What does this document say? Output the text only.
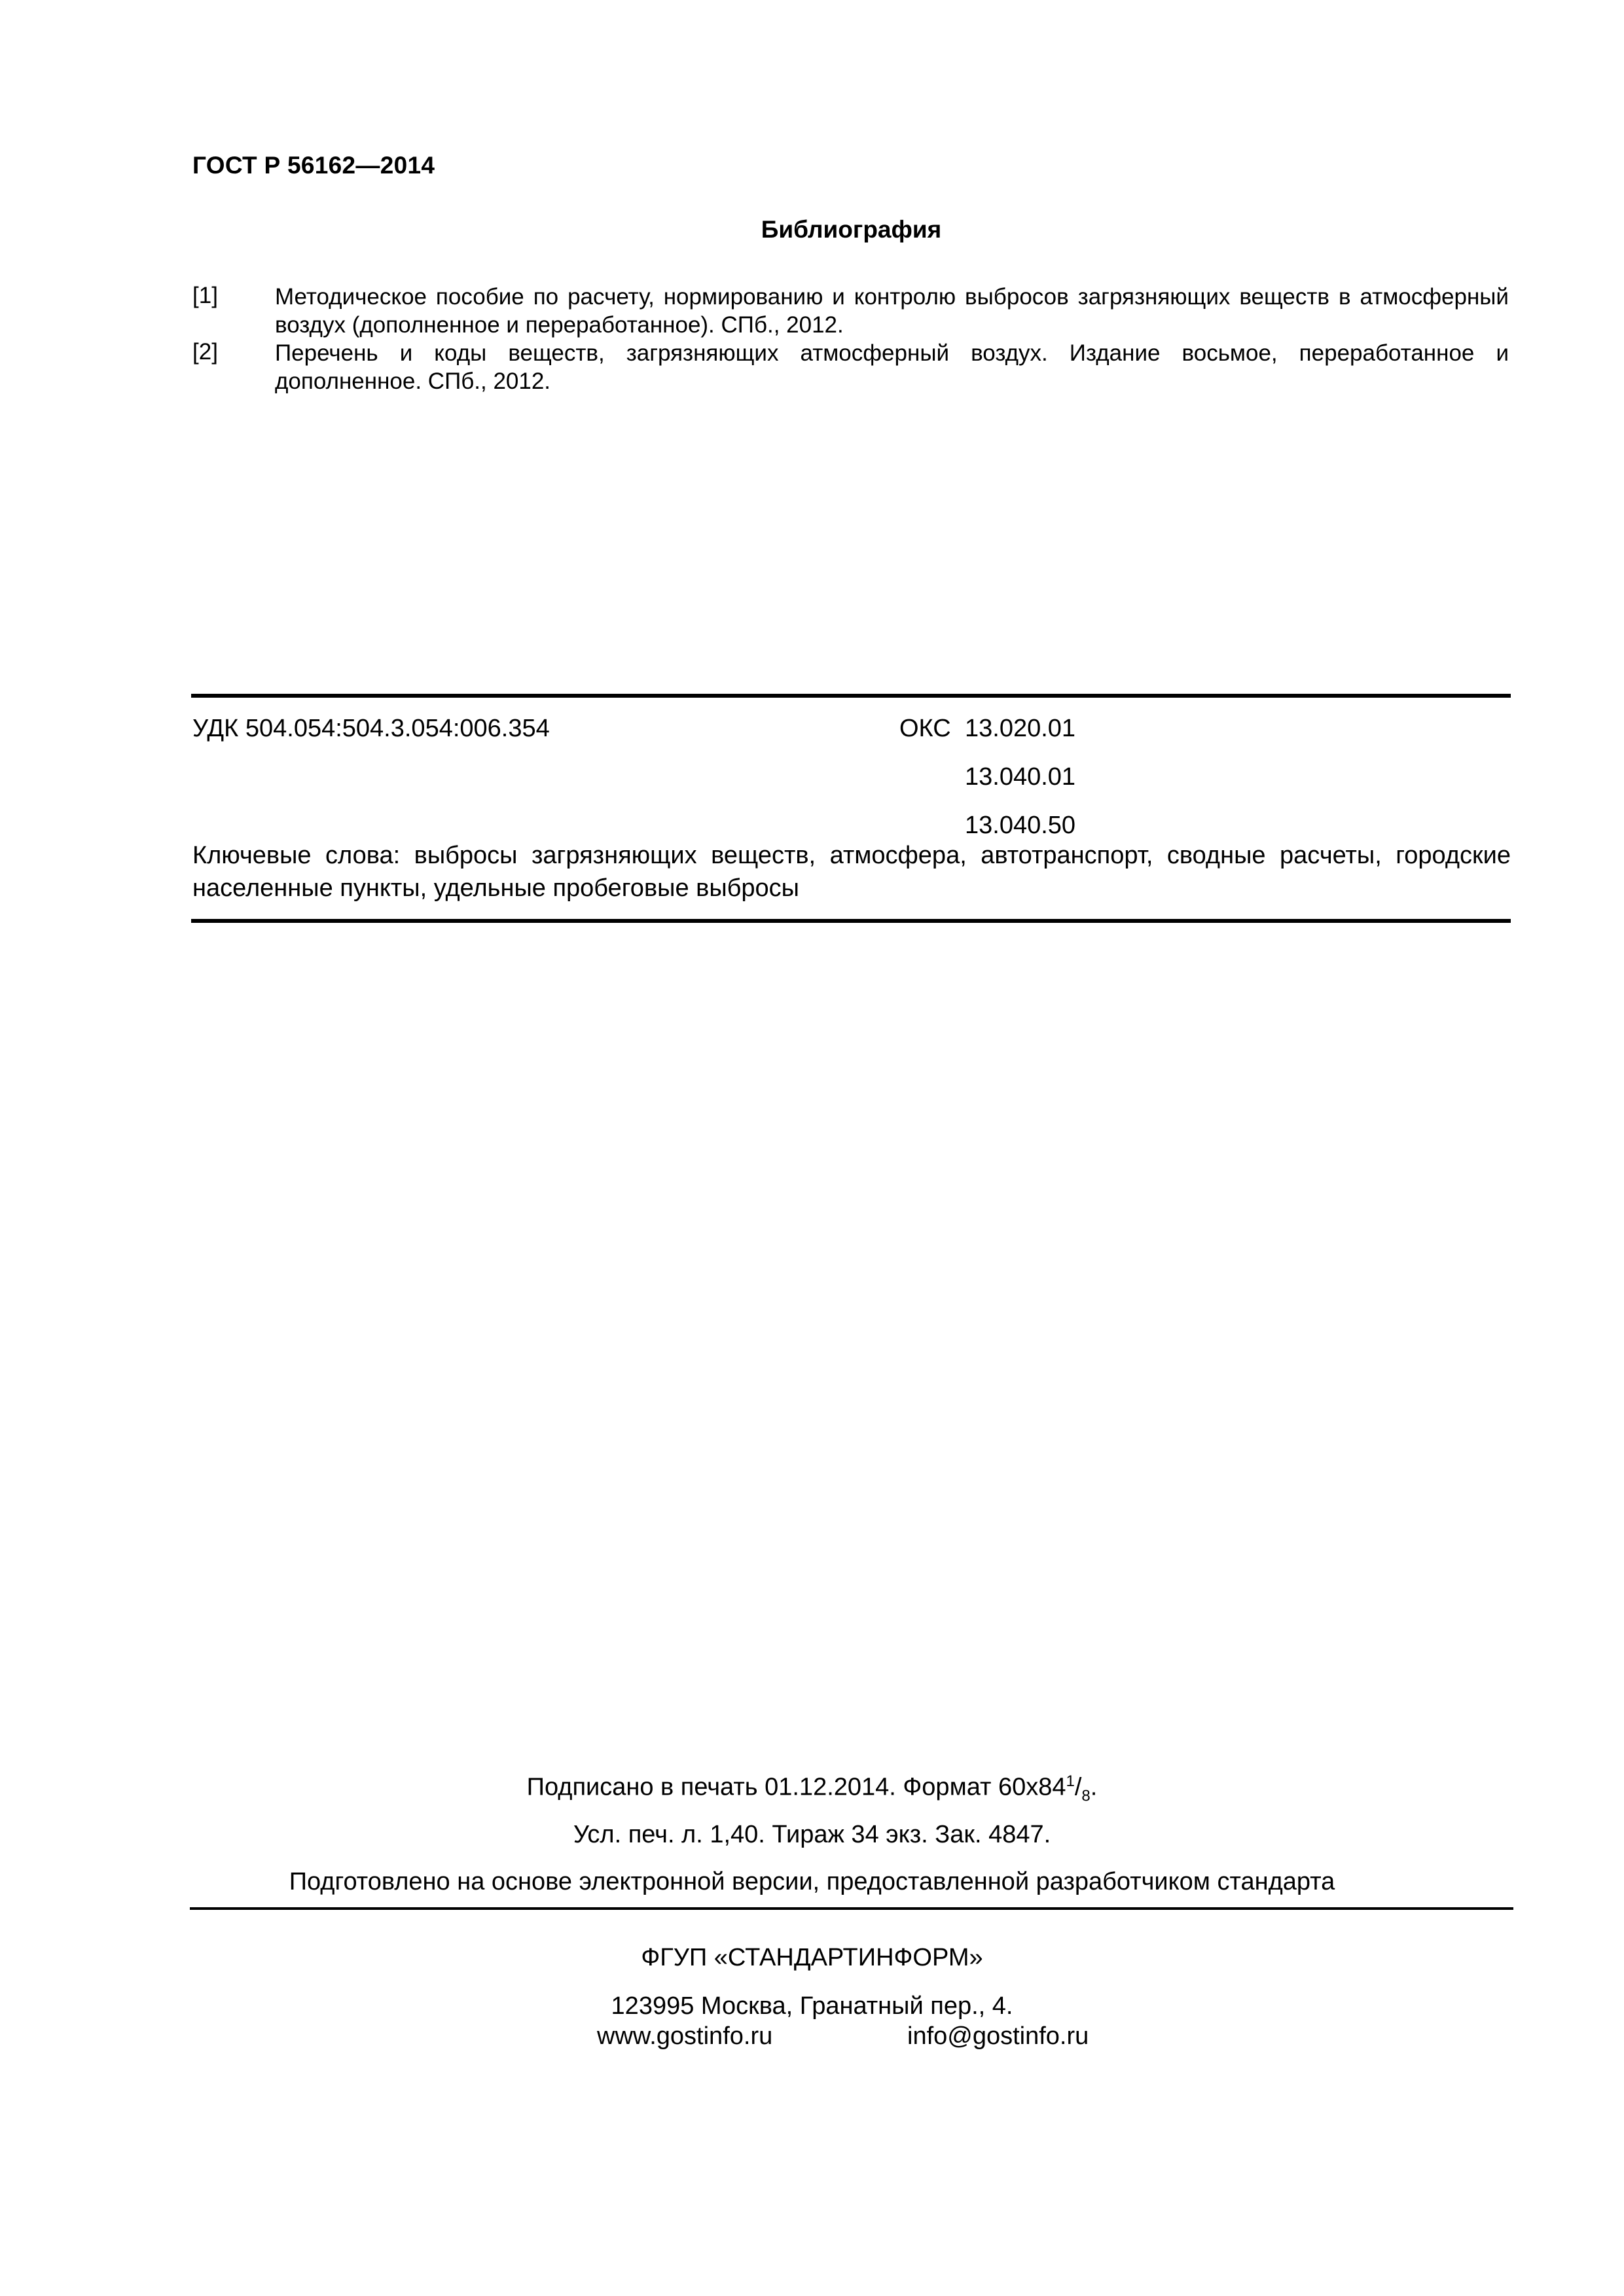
ГОСТ Р 56162—2014
Библиография
[1] Методическое пособие по расчету, нормированию и контролю выбросов загрязняющих веществ в атмосферный воздух (дополненное и переработанное). СПб., 2012.
[2] Перечень и коды веществ, загрязняющих атмосферный воздух. Издание восьмое, переработанное и дополненное. СПб., 2012.
УДК 504.054:504.3.054:006.354	ОКС 13.020.01
13.040.01
13.040.50
Ключевые слова: выбросы загрязняющих веществ, атмосфера, автотранспорт, сводные расчеты, городские населенные пункты, удельные пробеговые выбросы
Подписано в печать 01.12.2014. Формат $60х84^1/_8$.
Усл. печ. л. 1,40. Тираж 34 экз. Зак. 4847.
Подготовлено на основе электронной версии, предоставленной разработчиком стандарта
ФГУП «СТАНДАРТИНФОРМ»
123995 Москва, Гранатный пер., 4.
www.gostinfo.ru	info@gostinfo.ru
